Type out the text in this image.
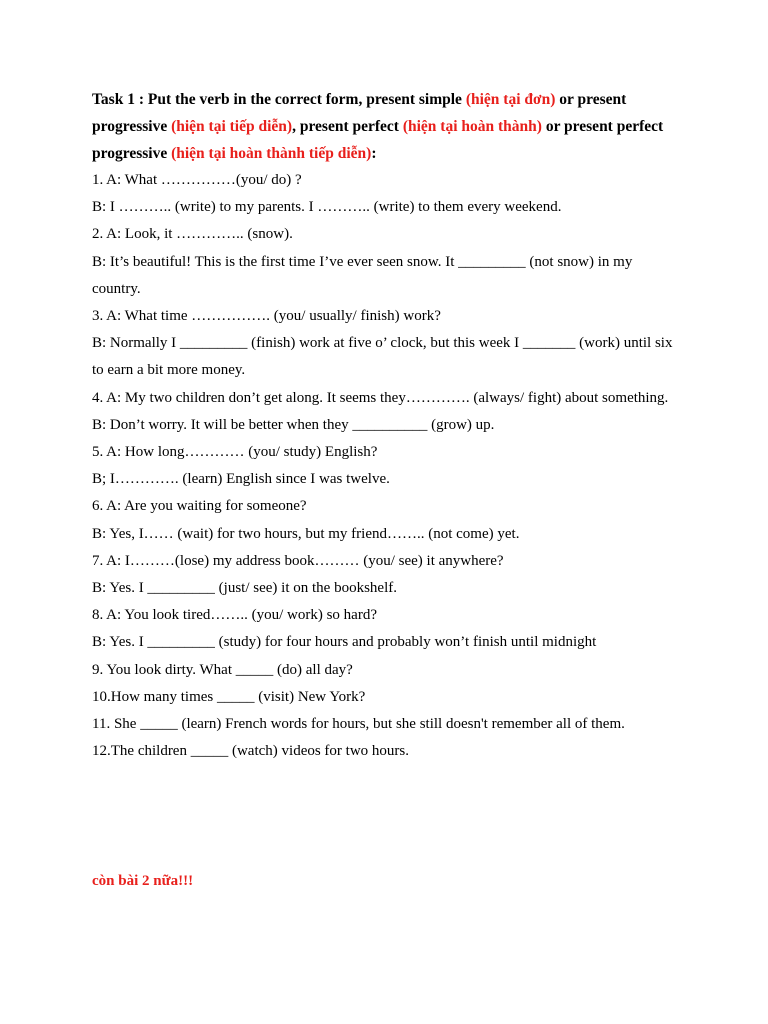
Task 1 : Put the verb in the correct form, present simple (hiện tại đơn) or present progressive (hiện tại tiếp diễn), present perfect (hiện tại hoàn thành) or present perfect progressive (hiện tại hoàn thành tiếp diễn):

1. A: What ……………(you/ do) ?

B: I ……….. (write) to my parents. I ……….. (write) to them every weekend.

2. A: Look, it ………….. (snow).

B: It’s beautiful! This is the first time I’ve ever seen snow. It _________ (not snow) in my country.

3. A: What time ……………. (you/ usually/ finish) work?

B: Normally I _________ (finish) work at five o’ clock, but this week I _______ (work) until six to earn a bit more money.

4. A: My two children don’t get along. It seems they…………. (always/ fight) about something.

B: Don’t worry. It will be better when they __________ (grow) up.

5. A: How long………… (you/ study) English?

B; I…………. (learn) English since I was twelve.

6. A: Are you waiting for someone?

B: Yes, I…… (wait) for two hours, but my friend…….. (not come) yet.

7. A: I………(lose) my address book……… (you/ see) it anywhere?

B: Yes. I _________ (just/ see) it on the bookshelf.

8. A: You look tired…….. (you/ work) so hard?

B: Yes. I _________ (study) for four hours and probably won’t finish until midnight

9. You look dirty. What _____ (do) all day?

10.How many times _____ (visit) New York?

11. She _____ (learn) French words for hours, but she still doesn't remember all of them.

12.The children _____ (watch) videos for two hours.

còn bài 2 nữa!!!
